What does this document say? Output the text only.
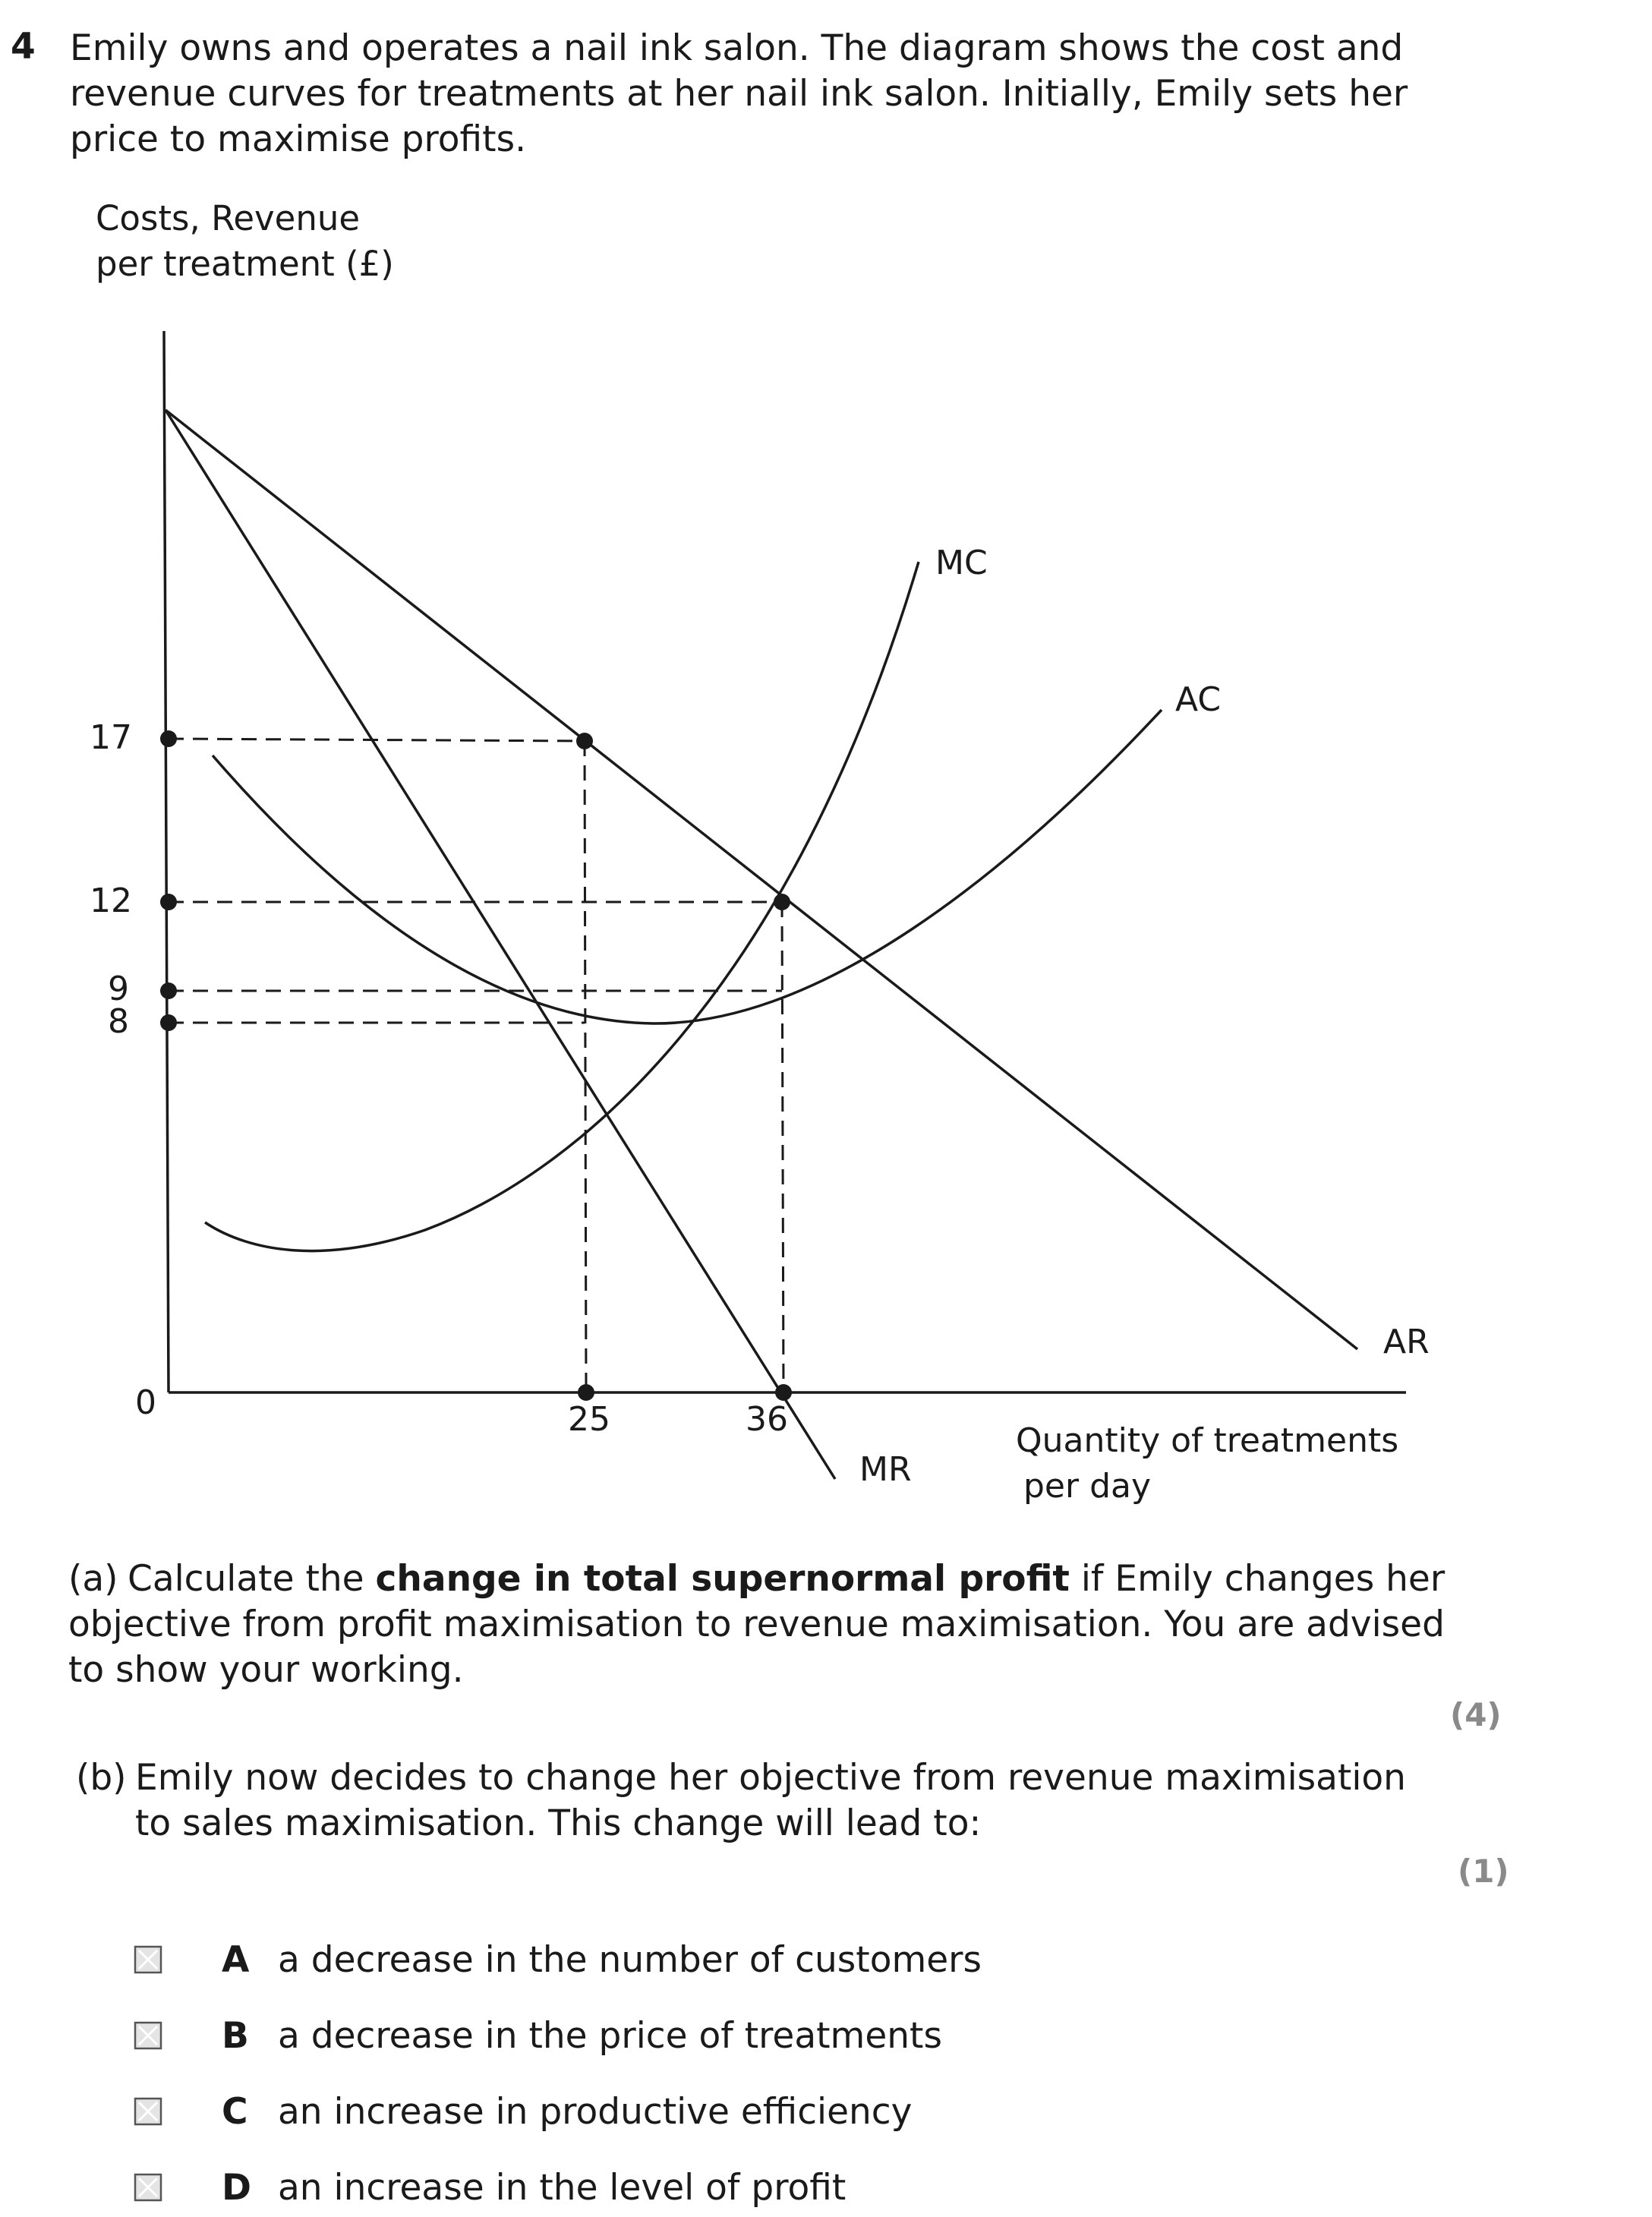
4 Emily owns and operates a nail ink salon. The diagram shows the cost and revenue curves for treatments at her nail ink salon. Initially, Emily sets her price to maximise profits.
Costs, Revenue
per treatment (£)
17
12
9
8
0	25	36
MC
AC
AR
MR
Quantity of treatments
per day
(a) Calculate the change in total supernormal profit if Emily changes her objective from profit maximisation to revenue maximisation. You are advised to show your working.
(4)
(b) Emily now decides to change her objective from revenue maximisation to sales maximisation. This change will lead to:
(1)
A a decrease in the number of customers
B a decrease in the price of treatments
C an increase in productive efficiency
D an increase in the level of profit
